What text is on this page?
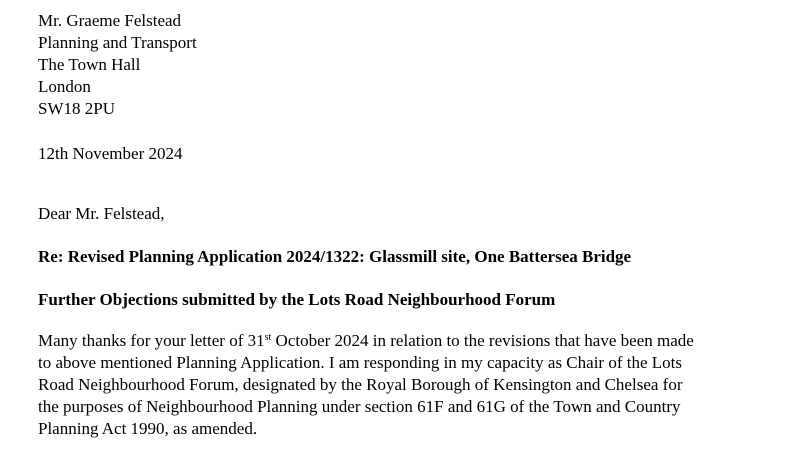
Mr. Graeme Felstead
Planning and Transport
The Town Hall
London
SW18 2PU
12th November 2024
Dear Mr. Felstead,
Re: Revised Planning Application 2024/1322: Glassmill site, One Battersea Bridge
Further Objections submitted by the Lots Road Neighbourhood Forum
Many thanks for your letter of 31st October 2024 in relation to the revisions that have been made
to above mentioned Planning Application. I am responding in my capacity as Chair of the Lots
Road Neighbourhood Forum, designated by the Royal Borough of Kensington and Chelsea for
the purposes of Neighbourhood Planning under section 61F and 61G of the Town and Country
Planning Act 1990, as amended.
